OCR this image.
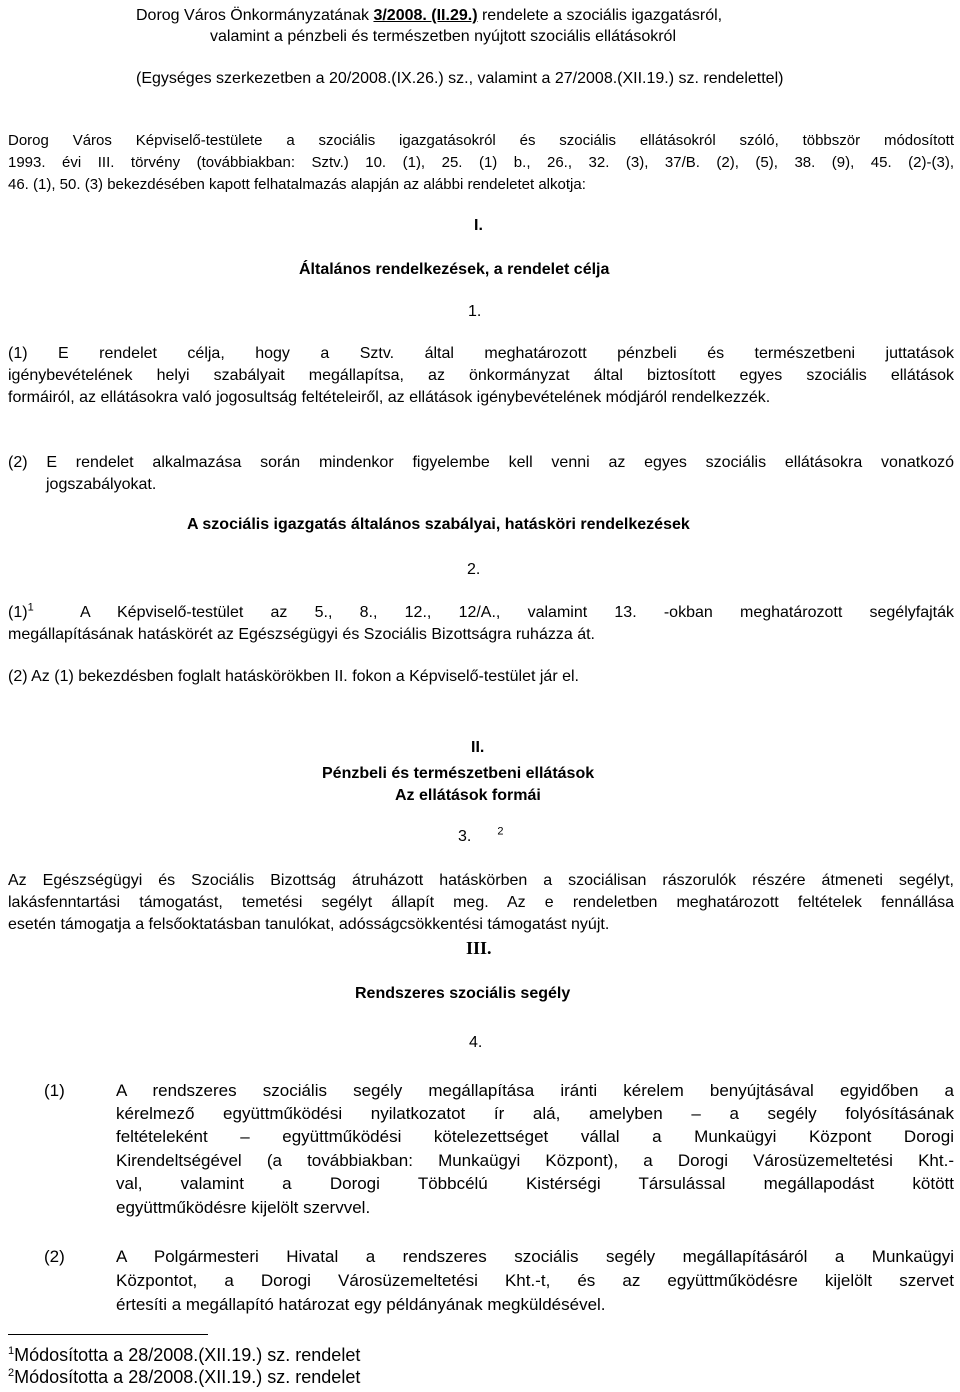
Dorog Város Önkormányzatának 3/2008. (II.29.) rendelete a szociális igazgatásról,
valamint a pénzbeli és természetben nyújtott szociális ellátásokról
(Egységes szerkezetben a 20/2008.(IX.26.) sz., valamint a 27/2008.(XII.19.) sz. rendelettel)
Dorog Város Képviselő-testülete a szociális igazgatásokról és szociális ellátásokról szóló, többször módosított
1993. évi III. törvény (továbbiakban: Sztv.) 10. (1), 25. (1) b., 26., 32. (3), 37/B. (2), (5), 38. (9), 45. (2)-(3),
46. (1), 50. (3) bekezdésében kapott felhatalmazás alapján az alábbi rendeletet alkotja:
I.
Általános rendelkezések, a rendelet célja
1.
(1) E rendelet célja, hogy a Sztv. által meghatározott pénzbeli és természetbeni juttatások
igénybevételének helyi szabályait megállapítsa, az önkormányzat által biztosított egyes szociális ellátások
formáiról, az ellátásokra való jogosultság feltételeiről, az ellátások igénybevételének módjáról rendelkezzék.
(2) E rendelet alkalmazása során mindenkor figyelembe kell venni az egyes szociális ellátásokra vonatkozó
jogszabályokat.
A szociális igazgatás általános szabályai, hatásköri rendelkezések
2.
$(1)^1$	A Képviselő-testület az 5., 8., 12., 12/A., valamint 13. -okban meghatározott segélyfajták
megállapításának hatáskörét az Egészségügyi és Szociális Bizottságra ruházza át.
(2) Az (1) bekezdésben foglalt hatáskörökben II. fokon a Képviselő-testület jár el.
II.
Pénzbeli és természetbeni ellátások
Az ellátások formái
3. $^2$
Az Egészségügyi és Szociális Bizottság átruházott hatáskörben a szociálisan rászorulók részére átmeneti segélyt,
lakásfenntartási támogatást, temetési segélyt állapít meg. Az e rendeletben meghatározott feltételek fennállása
esetén támogatja a felsőoktatásban tanulókat, adósságcsökkentési támogatást nyújt.
III.
Rendszeres szociális segély
4.
(1)	A rendszeres szociális segély megállapítása iránti kérelem benyújtásával egyidőben a
kérelmező együttműködési nyilatkozatot ír alá, amelyben – a segély folyósításának
feltételeként – együttműködési kötelezettséget vállal a Munkaügyi Központ Dorogi
Kirendeltségével (a továbbiakban: Munkaügyi Központ), a Dorogi Városüzemeltetési Kht.-
val, valamint a Dorogi Többcélú Kistérségi Társulással megállapodást kötött
együttműködésre kijelölt szervvel.
(2)	A Polgármesteri Hivatal a rendszeres szociális segély megállapításáról a Munkaügyi
Központot, a Dorogi Városüzemeltetési Kht.-t, és az együttműködésre kijelölt szervet
értesíti a megállapító határozat egy példányának megküldésével.
$^1$Módosította a 28/2008.(XII.19.) sz. rendelet
$^2$Módosította a 28/2008.(XII.19.) sz. rendelet
